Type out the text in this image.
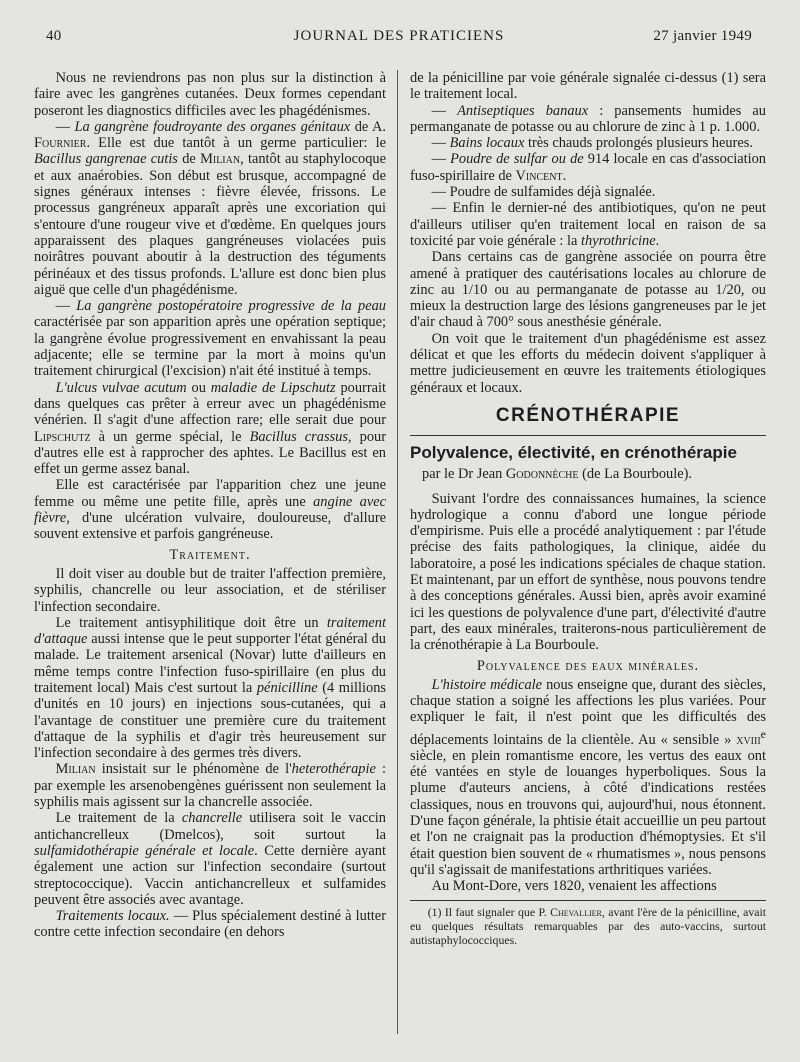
40	JOURNAL DES PRATICIENS	27 janvier 1949

Nous ne reviendrons pas non plus sur la distinction à faire avec les gangrènes cutanées. Deux formes cependant poseront les diagnostics difficiles avec les phagédénismes.

— La gangrène foudroyante des organes génitaux de A. Fournier. Elle est due tantôt à un germe particulier: le Bacillus gangrenae cutis de Milian, tantôt au staphylocoque et aux anaérobies. Son début est brusque, accompagné de signes généraux intenses : fièvre élevée, frissons. Le processus gangréneux apparaît après une excoriation qui s'entoure d'une rougeur vive et d'œdème. En quelques jours apparaissent des plaques gangréneuses violacées puis noirâtres pouvant aboutir à la destruction des téguments périnéaux et des tissus profonds. L'allure est donc bien plus aiguë que celle d'un phagédénisme.

— La gangrène postopératoire progressive de la peau caractérisée par son apparition après une opération septique; la gangrène évolue progressivement en envahissant la peau adjacente; elle se termine par la mort à moins qu'un traitement chirurgical (l'excision) n'ait été institué à temps.

L'ulcus vulvae acutum ou maladie de Lipschutz pourrait dans quelques cas prêter à erreur avec un phagédénisme vénérien. Il s'agit d'une affection rare; elle serait due pour Lipschutz à un germe spécial, le Bacillus crassus, pour d'autres elle est à rapprocher des aphtes. Le Bacillus est en effet un germe assez banal.

Elle est caractérisée par l'apparition chez une jeune femme ou même une petite fille, après une angine avec fièvre, d'une ulcération vulvaire, douloureuse, d'allure souvent extensive et parfois gangréneuse.

Traitement.

Il doit viser au double but de traiter l'affection première, syphilis, chancrelle ou leur association, et de stériliser l'infection secondaire.

Le traitement antisyphilitique doit être un traitement d'attaque aussi intense que le peut supporter l'état général du malade. Le traitement arsenical (Novar) lutte d'ailleurs en même temps contre l'infection fuso-spirillaire (en plus du traitement local) Mais c'est surtout la pénicilline (4 millions d'unités en 10 jours) en injections sous-cutanées, qui a l'avantage de constituer une première cure du traitement d'attaque de la syphilis et d'agir très heureusement sur l'infection secondaire à des germes très divers.

Milian insistait sur le phénomène de l'heterothérapie : par exemple les arsenobengènes guérissent non seulement la syphilis mais agissent sur la chancrelle associée.

Le traitement de la chancrelle utilisera soit le vaccin antichancrelleux (Dmelcos), soit surtout la sulfamidothérapie générale et locale. Cette dernière ayant également une action sur l'infection secondaire (surtout streptococcique). Vaccin antichancrelleux et sulfamides peuvent être associés avec avantage.

Traitements locaux. — Plus spécialement destiné à lutter contre cette infection secondaire (en dehors

de la pénicilline par voie générale signalée ci-dessus (1) sera le traitement local.

— Antiseptiques banaux : pansements humides au permanganate de potasse ou au chlorure de zinc à 1 p. 1.000.

— Bains locaux très chauds prolongés plusieurs heures.

— Poudre de sulfar ou de 914 locale en cas d'association fuso-spirillaire de Vincent.

— Poudre de sulfamides déjà signalée.

— Enfin le dernier-né des antibiotiques, qu'on ne peut d'ailleurs utiliser qu'en traitement local en raison de sa toxicité par voie générale : la thyrothricine.

Dans certains cas de gangrène associée on pourra être amené à pratiquer des cautérisations locales au chlorure de zinc au 1/10 ou au permanganate de potasse au 1/20, ou mieux la destruction large des lésions gangreneuses par le jet d'air chaud à 700° sous anesthésie générale.

On voit que le traitement d'un phagédénisme est assez délicat et que les efforts du médecin doivent s'appliquer à mettre judicieusement en œuvre les traitements étiologiques généraux et locaux.

CRÉNOTHÉRAPIE

Polyvalence, électivité, en crénothérapie

par le Dr Jean Godonnèche (de La Bourboule).

Suivant l'ordre des connaissances humaines, la science hydrologique a connu d'abord une longue période d'empirisme. Puis elle a procédé analytiquement : par l'étude précise des faits pathologiques, la clinique, aidée du laboratoire, a posé les indications spéciales de chaque station. Et maintenant, par un effort de synthèse, nous pouvons tendre à des conceptions générales. Aussi bien, après avoir examiné ici les questions de polyvalence d'une part, d'électivité d'autre part, des eaux minérales, traiterons-nous particulièrement de la crénothérapie à La Bourboule.

Polyvalence des eaux minérales.

L'histoire médicale nous enseigne que, durant des siècles, chaque station a soigné les affections les plus variées. Pour expliquer le fait, il n'est point que les difficultés des déplacements lointains de la clientèle. Au « sensible » xviii$^e$ siècle, en plein romantisme encore, les vertus des eaux ont été vantées en style de louanges hyperboliques. Sous la plume d'auteurs anciens, à côté d'indications restées classiques, nous en trouvons qui, aujourd'hui, nous étonnent. D'une façon générale, la phtisie était accueillie un peu partout et l'on ne craignait pas la production d'hémoptysies. Et s'il était question bien souvent de « rhumatismes », nous pensons qu'il s'agissait de manifestations arthritiques variées.

Au Mont-Dore, vers 1820, venaient les affections

(1) Il faut signaler que P. Chevallier, avant l'ère de la pénicilline, avait eu quelques résultats remarquables par des auto-vaccins, surtout autistaphylococciques.
